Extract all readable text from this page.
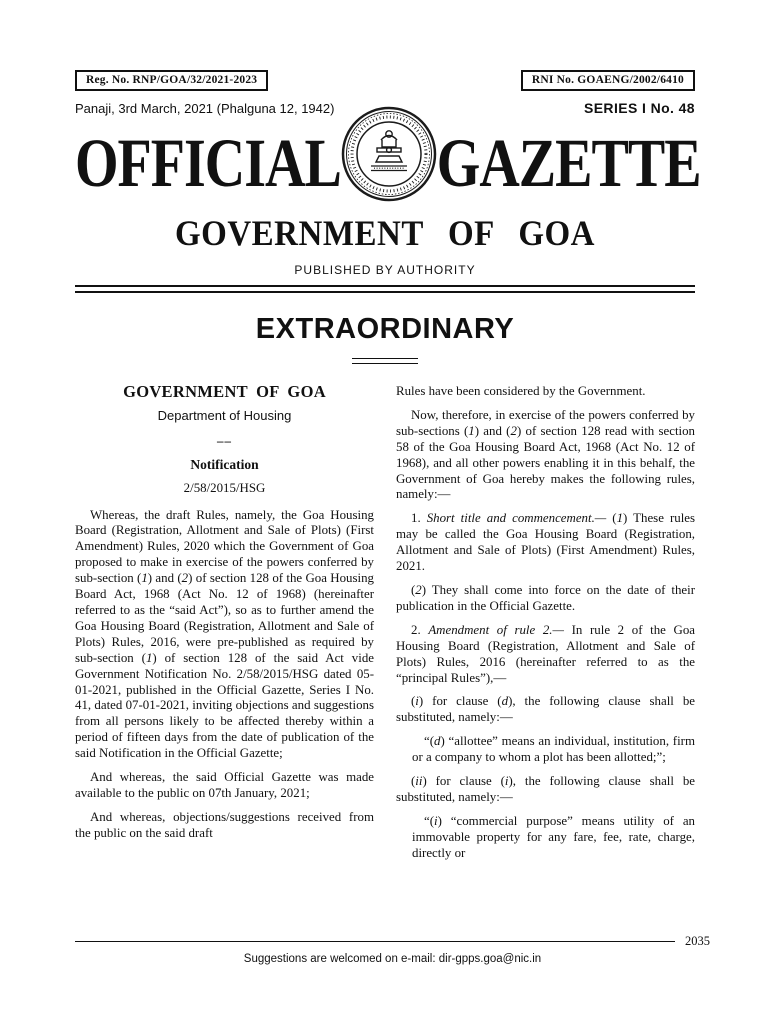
Reg. No. RNP/GOA/32/2021-2023	RNI No. GOAENG/2002/6410
Panaji, 3rd March, 2021 (Phalguna 12, 1942)	SERIES I No. 48
OFFICIAL GAZETTE
GOVERNMENT OF GOA
PUBLISHED BY AUTHORITY
EXTRAORDINARY
GOVERNMENT OF GOA
Department of Housing
––
Notification
2/58/2015/HSG

Whereas, the draft Rules, namely, the Goa Housing Board (Registration, Allotment and Sale of Plots) (First Amendment) Rules, 2020 which the Government of Goa proposed to make in exercise of the powers conferred by sub-section (1) and (2) of section 128 of the Goa Housing Board Act, 1968 (Act No. 12 of 1968) (hereinafter referred to as the “said Act”), so as to further amend the Goa Housing Board (Registration, Allotment and Sale of Plots) Rules, 2016, were pre-published as required by sub-section (1) of section 128 of the said Act vide Government Notification No. 2/58/2015/HSG dated 05-01-2021, published in the Official Gazette, Series I No. 41, dated 07-01-2021, inviting objections and suggestions from all persons likely to be affected thereby within a period of fifteen days from the date of publication of the said Notification in the Official Gazette;

And whereas, the said Official Gazette was made available to the public on 07th January, 2021;

And whereas, objections/suggestions received from the public on the said draft

Rules have been considered by the Government.

Now, therefore, in exercise of the powers conferred by sub-sections (1) and (2) of section 128 read with section 58 of the Goa Housing Board Act, 1968 (Act No. 12 of 1968), and all other powers enabling it in this behalf, the Government of Goa hereby makes the following rules, namely:—

1. Short title and commencement.— (1) These rules may be called the Goa Housing Board (Registration, Allotment and Sale of Plots) (First Amendment) Rules, 2021.

(2) They shall come into force on the date of their publication in the Official Gazette.

2. Amendment of rule 2.— In rule 2 of the Goa Housing Board (Registration, Allotment and Sale of Plots) Rules, 2016 (hereinafter referred to as the “principal Rules”),—

(i) for clause (d), the following clause shall be substituted, namely:—

“(d) “allottee” means an individual, institution, firm or a company to whom a plot has been allotted;”;

(ii) for clause (i), the following clause shall be substituted, namely:—

“(i) “commercial purpose” means utility of an immovable property for any fare, fee, rate, charge, directly or

2035
Suggestions are welcomed on e-mail: dir-gpps.goa@nic.in
